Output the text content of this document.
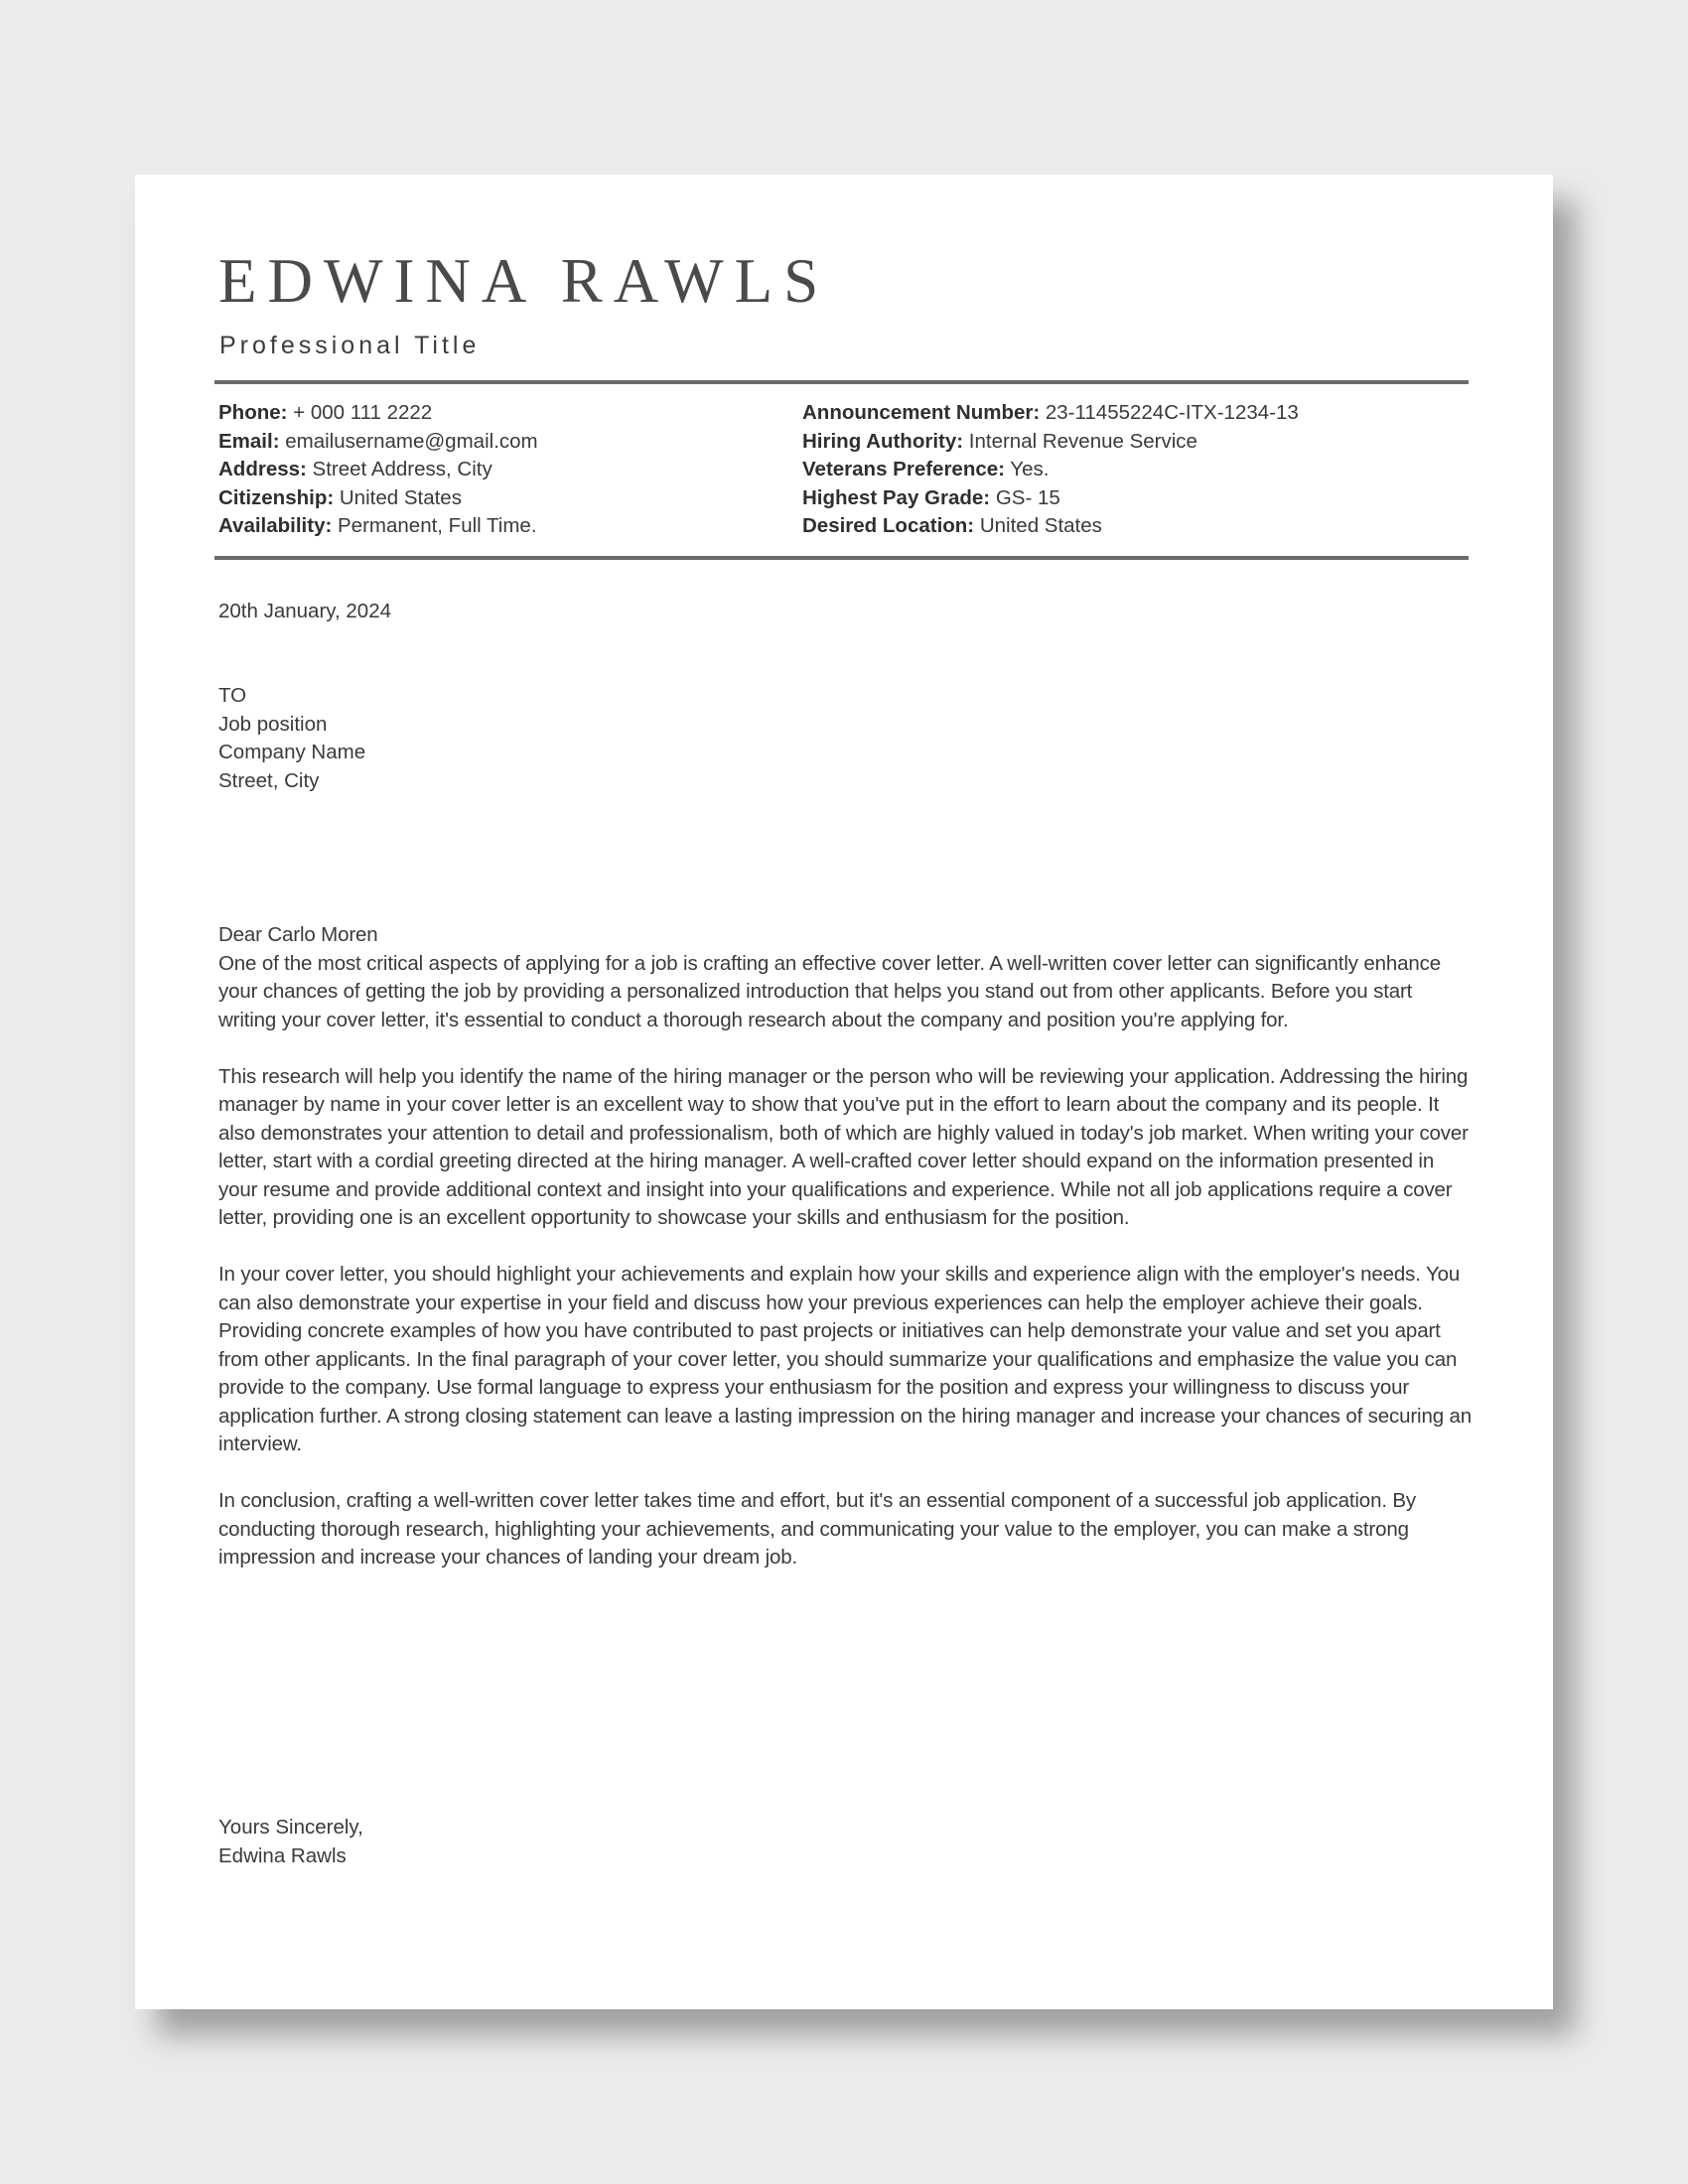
EDWINA RAWLS
Professional Title
Phone: + 000 111 2222
Email: emailusername@gmail.com
Address: Street Address, City
Citizenship: United States
Availability: Permanent, Full Time.
Announcement Number: 23-11455224C-ITX-1234-13
Hiring Authority: Internal Revenue Service
Veterans Preference: Yes.
Highest Pay Grade: GS- 15
Desired Location: United States
20th January, 2024
TO
Job position
Company Name
Street, City

Dear Carlo Moren

One of the most critical aspects of applying for a job is crafting an effective cover letter. A well-written cover letter can significantly enhance your chances of getting the job by providing a personalized introduction that helps you stand out from other applicants. Before you start writing your cover letter, it's essential to conduct a thorough research about the company and position you're applying for.

This research will help you identify the name of the hiring manager or the person who will be reviewing your application. Addressing the hiring manager by name in your cover letter is an excellent way to show that you've put in the effort to learn about the company and its people. It also demonstrates your attention to detail and professionalism, both of which are highly valued in today's job market. When writing your cover letter, start with a cordial greeting directed at the hiring manager. A well-crafted cover letter should expand on the information presented in your resume and provide additional context and insight into your qualifications and experience. While not all job applications require a cover letter, providing one is an excellent opportunity to showcase your skills and enthusiasm for the position.

In your cover letter, you should highlight your achievements and explain how your skills and experience align with the employer's needs. You can also demonstrate your expertise in your field and discuss how your previous experiences can help the employer achieve their goals. Providing concrete examples of how you have contributed to past projects or initiatives can help demonstrate your value and set you apart from other applicants. In the final paragraph of your cover letter, you should summarize your qualifications and emphasize the value you can provide to the company. Use formal language to express your enthusiasm for the position and express your willingness to discuss your application further. A strong closing statement can leave a lasting impression on the hiring manager and increase your chances of securing an interview.

In conclusion, crafting a well-written cover letter takes time and effort, but it's an essential component of a successful job application. By conducting thorough research, highlighting your achievements, and communicating your value to the employer, you can make a strong impression and increase your chances of landing your dream job.

Yours Sincerely,
Edwina Rawls
